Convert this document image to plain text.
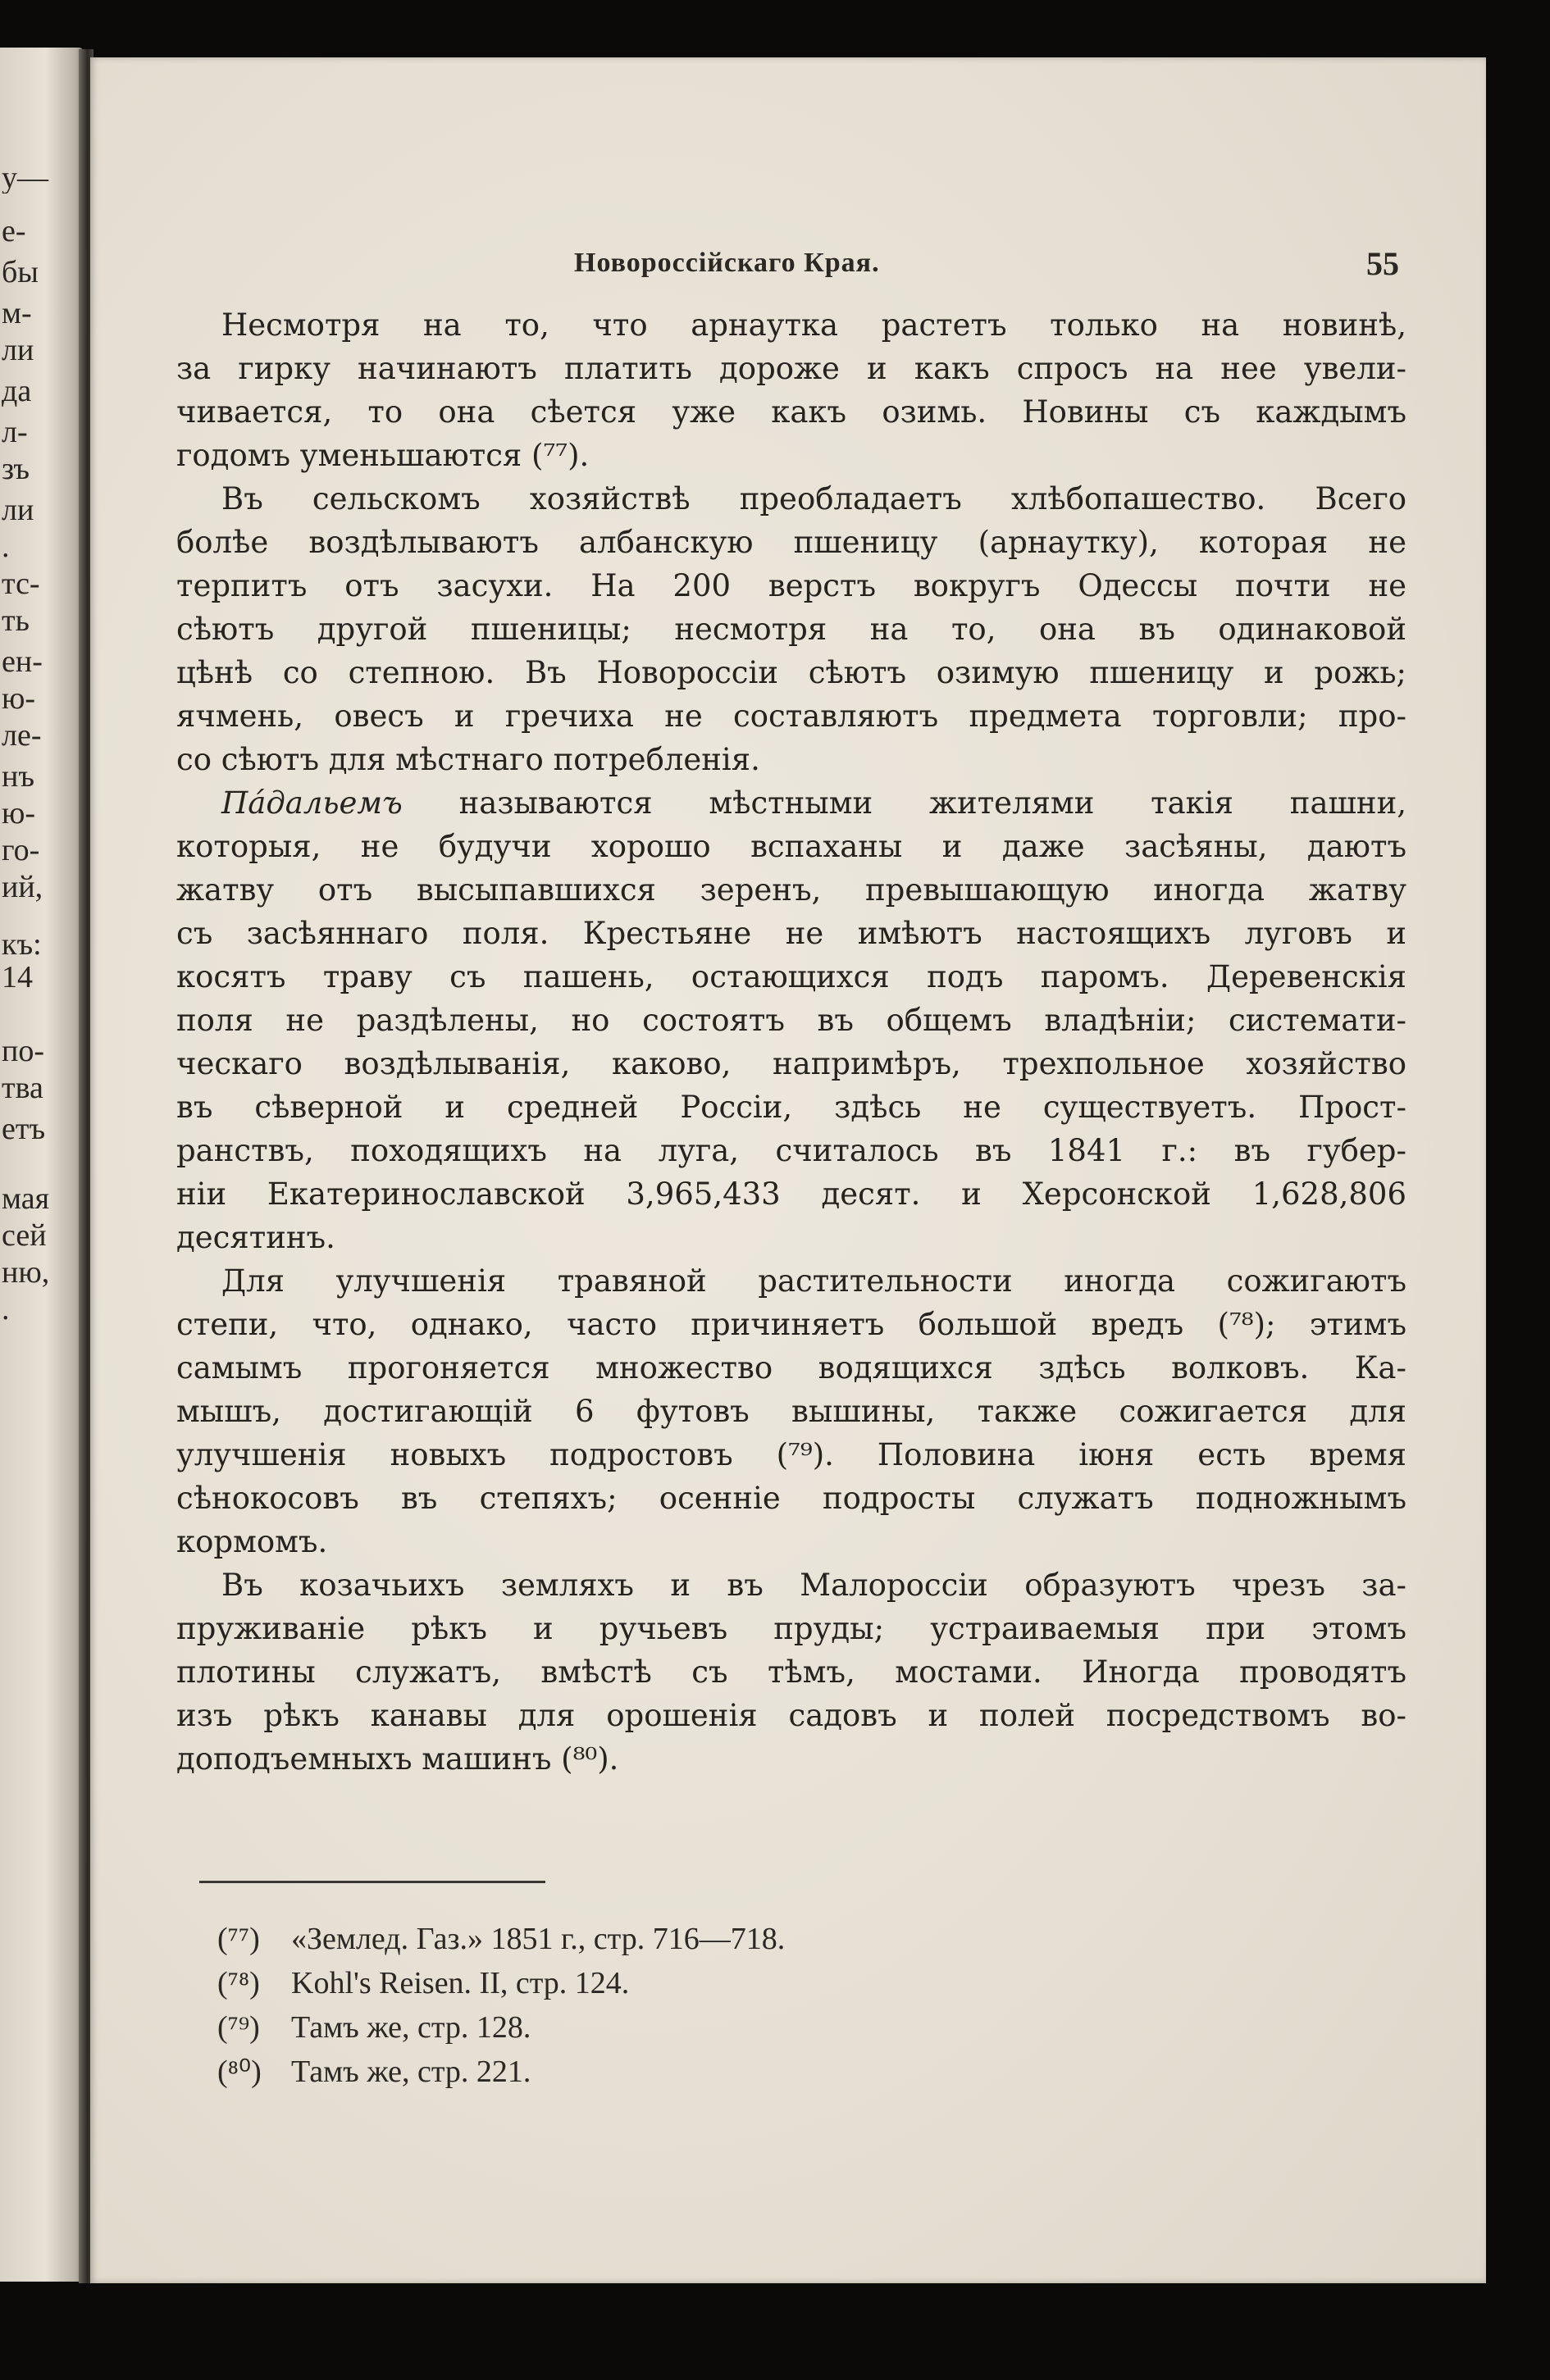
у—
е-
бы
м-
ли
да
л-
зъ
ли
.
тс-
ть
ен-
ю-
ле-
нъ
ю-
го-
ий,
къ:
14
по-
тва
етъ
мая
сей
ню,
.
Новороссійскаго Края.	55

Несмотря на то, что арнаутка растетъ только на новинѣ,
за гирку начинаютъ платить дороже и какъ спросъ на нее увели-
чивается, то она сѣется уже какъ озимь. Новины съ каждымъ
годомъ уменьшаются (⁷⁷).

Въ сельскомъ хозяйствѣ преобладаетъ хлѣбопашество. Всего
болѣе воздѣлываютъ албанскую пшеницу (арнаутку), которая не
терпитъ отъ засухи. На 200 верстъ вокругъ Одессы почти не
сѣютъ другой пшеницы; несмотря на то, она въ одинаковой
цѣнѣ со степною. Въ Новороссіи сѣютъ озимую пшеницу и рожь;
ячмень, овесъ и гречиха не составляютъ предмета торговли; про-
со сѣютъ для мѣстнаго потребленія.

Пáдальемъ называются мѣстными жителями такія пашни,
которыя, не будучи хорошо вспаханы и даже засѣяны, даютъ
жатву отъ высыпавшихся зеренъ, превышающую иногда жатву
съ засѣяннаго поля. Крестьяне не имѣютъ настоящихъ луговъ и
косятъ траву съ пашень, остающихся подъ паромъ. Деревенскія
поля не раздѣлены, но состоятъ въ общемъ владѣніи; системати-
ческаго воздѣлыванія, каково, напримѣръ, трехпольное хозяйство
въ сѣверной и средней Россіи, здѣсь не существуетъ. Прост-
ранствъ, походящихъ на луга, считалось въ 1841 г.: въ губер-
ніи Екатеринославской 3,965,433 десят. и Херсонской 1,628,806
десятинъ.

Для улучшенія травяной растительности иногда сожигаютъ
степи, что, однако, часто причиняетъ большой вредъ (⁷⁸); этимъ
самымъ прогоняется множество водящихся здѣсь волковъ. Ка-
мышъ, достигающій 6 футовъ вышины, также сожигается для
улучшенія новыхъ подростовъ (⁷⁹). Половина іюня есть время
сѣнокосовъ въ степяхъ; осенніе подросты служатъ подножнымъ
кормомъ.

Въ козачьихъ земляхъ и въ Малороссіи образуютъ чрезъ за-
пруживаніе рѣкъ и ручьевъ пруды; устраиваемыя при этомъ
плотины служатъ, вмѣстѣ съ тѣмъ, мостами. Иногда проводятъ
изъ рѣкъ канавы для орошенія садовъ и полей посредствомъ во-
доподъемныхъ машинъ (⁸⁰).

(⁷⁷) «Землед. Газ.» 1851 г., стр. 716—718.
(⁷⁸) Kohl's Reisen. II, стр. 124.
(⁷⁹) Тамъ же, стр. 128.
(⁸⁰) Тамъ же, стр. 221.
